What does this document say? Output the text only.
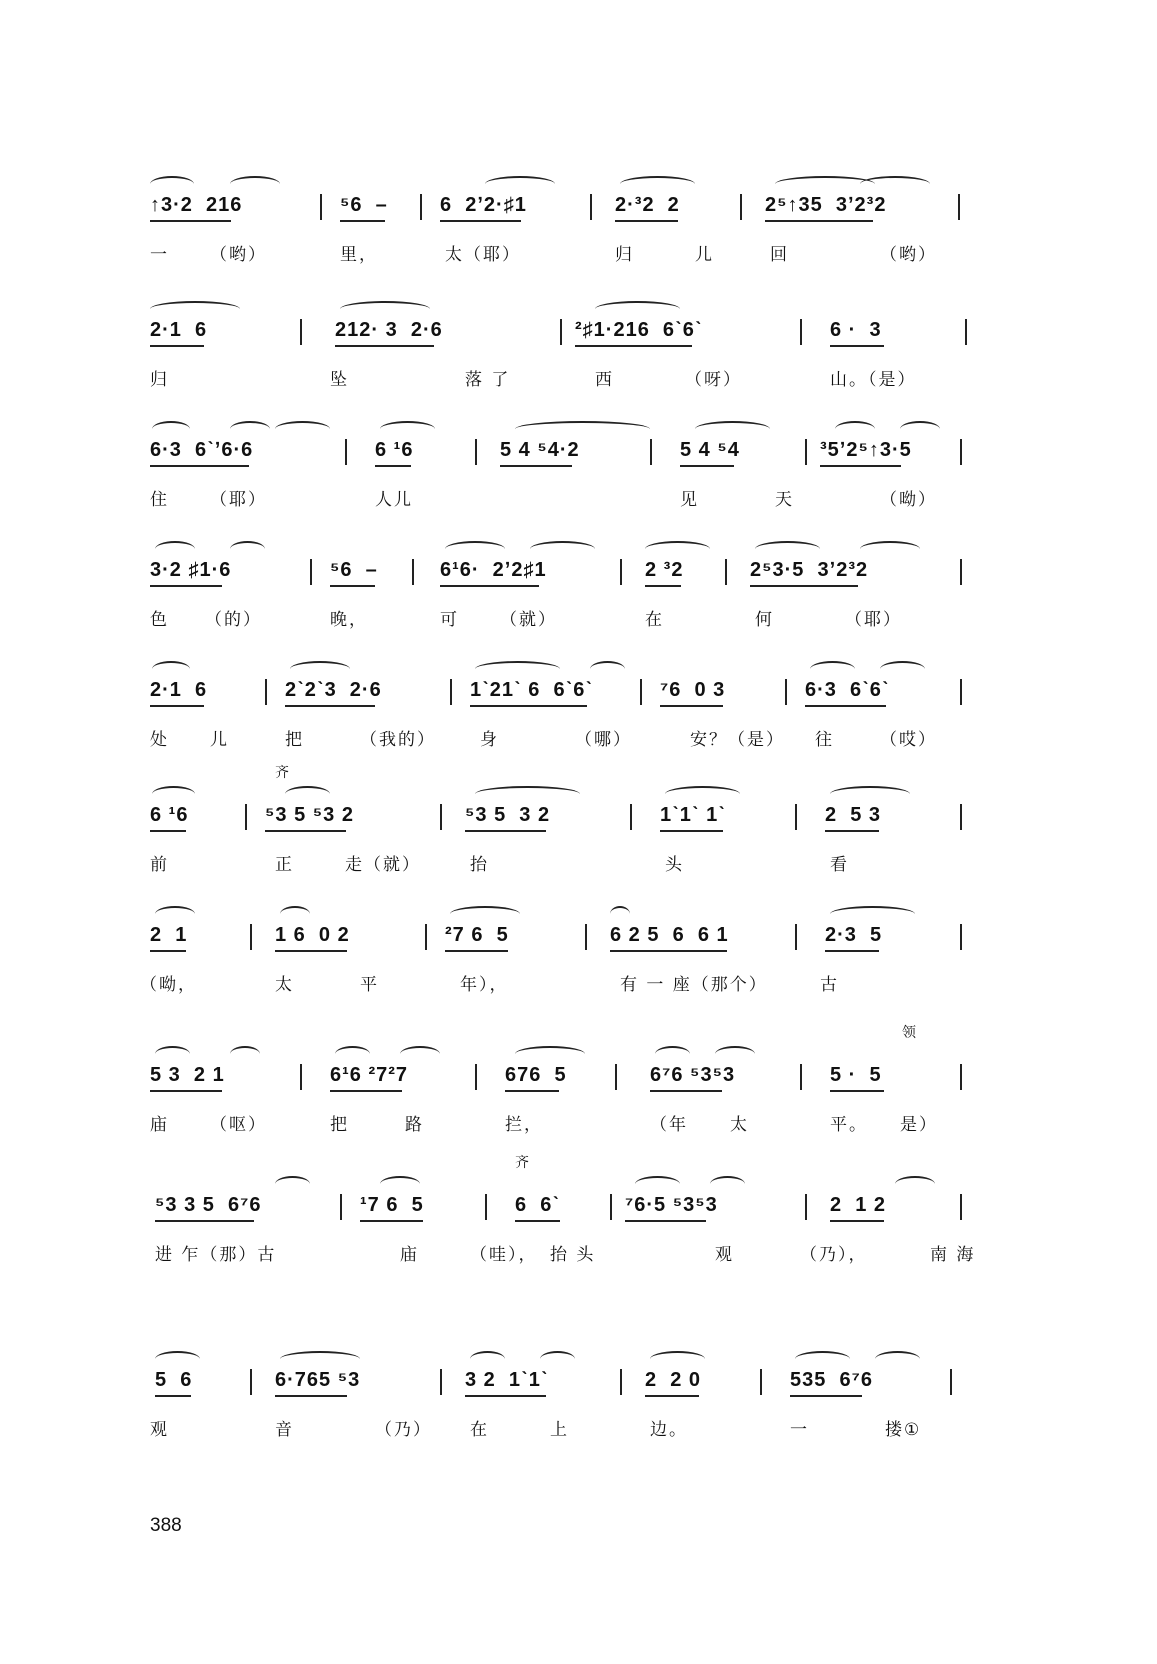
↑3·2  216	⁵6  –	6  2ʼ2·♯1	2·³2  2	2⁵↑35  3ʼ2³2
一 （哟）	里，	太（耶）	归	儿	回	（哟）
2·1  6	212· 3  2·6	²♯1·216  6ˋ6ˋ	6 ·  3
归	坠	落 了	西	（呀）	山。（是）
6·3  6ˋʼ6·6	6 ¹6	5 4 ⁵4·2	5 4 ⁵4	³5ʼ2⁵↑3·5
住 （耶）	人儿	见	天	（呦）
3·2 ♯1·6	⁵6  –	6¹6·  2ʼ2♯1	2 ³2	2⁵3·5  3ʼ2³2
色 （的）	晚，	可 （就）	在	何	（耶）
2·1  6	2ˋ2ˋ3  2·6	1ˋ21ˋ 6  6ˋ6ˋ	⁷6  0 3	6·3  6ˋ6ˋ
处 儿	把	（我的）	身	（哪）	安？（是） 往	（哎）
6 ¹6	⁵3 5 ⁵3 2	⁵3 5  3 2	1ˋ1ˋ 1ˋ	2  5 3
齐
前	正	走（就）	抬	头	看
2  1	1 6  0 2	²7 6  5	6 2 5  6  6 1	2·3  5
（呦，	太	平	年），	有 一 座（那个）	古
5 3  2 1	6¹6 ²7²7	676  5	6⁷6 ⁵3⁵3	5 ·  5
领
庙 （呕）	把	路	拦，	（年 太	平。 是）
⁵3 3 5  6⁷6	¹7 6  5	6  6ˋ	⁷6·5 ⁵3⁵3	2  1 2
齐
进 乍（那）古	庙	（哇）， 抬 头	观	（乃），	南 海
5  6	6·765 ⁵3	3 2  1ˋ1ˋ	2  2 0	535  6⁷6
观	音	（乃） 在	上	边。	一	搂①
388
